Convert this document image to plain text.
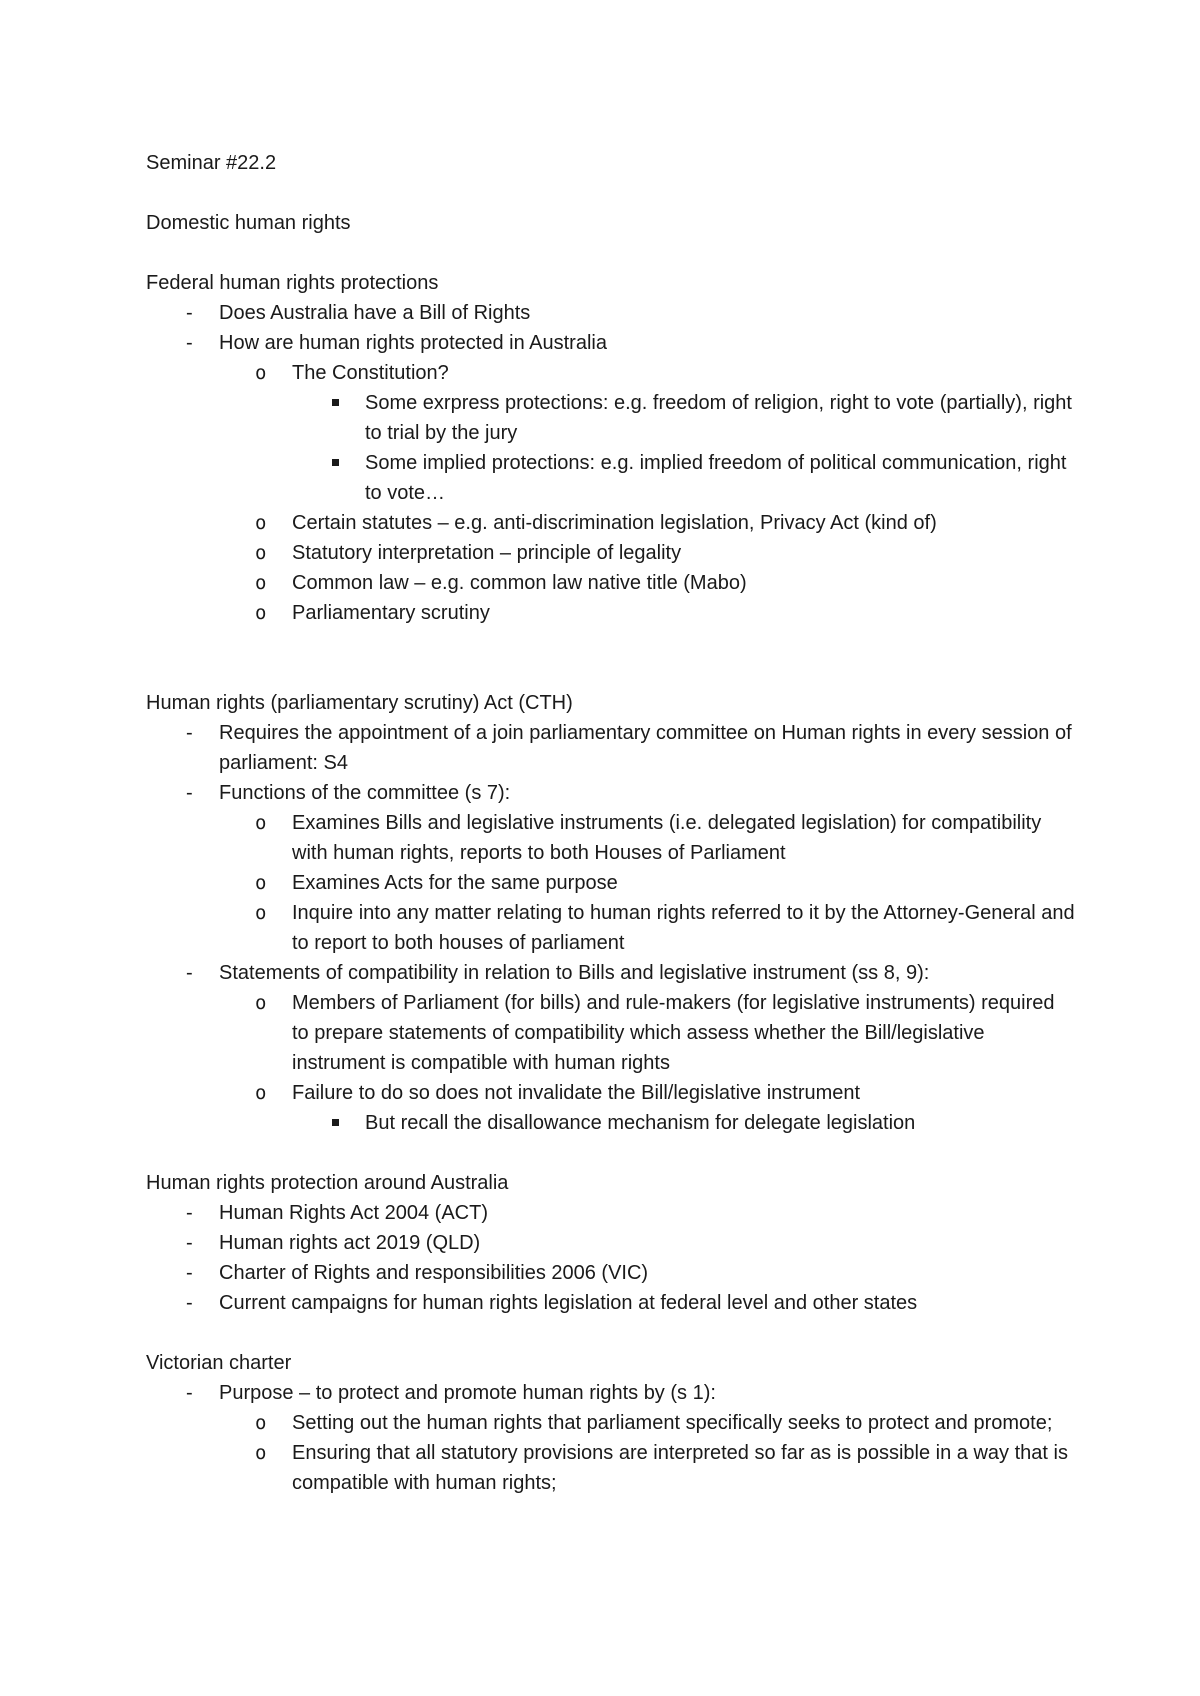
Seminar #22.2

Domestic human rights

Federal human rights protections

- Does Australia have a Bill of Rights
- How are human rights protected in Australia
o The Constitution?
Some exrpress protections: e.g. freedom of religion, right to vote (partially), right to trial by the jury
Some implied protections: e.g. implied freedom of political communication, right to vote…
o Certain statutes – e.g. anti-discrimination legislation, Privacy Act (kind of)
o Statutory interpretation – principle of legality
o Common law – e.g. common law native title (Mabo)
o Parliamentary scrutiny

Human rights (parliamentary scrutiny) Act (CTH)

- Requires the appointment of a join parliamentary committee on Human rights in every session of parliament: S4
- Functions of the committee (s 7):
o Examines Bills and legislative instruments (i.e. delegated legislation) for compatibility with human rights, reports to both Houses of Parliament
o Examines Acts for the same purpose
o Inquire into any matter relating to human rights referred to it by the Attorney-General and to report to both houses of parliament
- Statements of compatibility in relation to Bills and legislative instrument (ss 8, 9):
o Members of Parliament (for bills) and rule-makers (for legislative instruments) required to prepare statements of compatibility which assess whether the Bill/legislative instrument is compatible with human rights
o Failure to do so does not invalidate the Bill/legislative instrument
But recall the disallowance mechanism for delegate legislation

Human rights protection around Australia

- Human Rights Act 2004 (ACT)
- Human rights act 2019 (QLD)
- Charter of Rights and responsibilities 2006 (VIC)
- Current campaigns for human rights legislation at federal level and other states

Victorian charter

- Purpose – to protect and promote human rights by (s 1):
o Setting out the human rights that parliament specifically seeks to protect and promote;
o Ensuring that all statutory provisions are interpreted so far as is possible in a way that is compatible with human rights;
